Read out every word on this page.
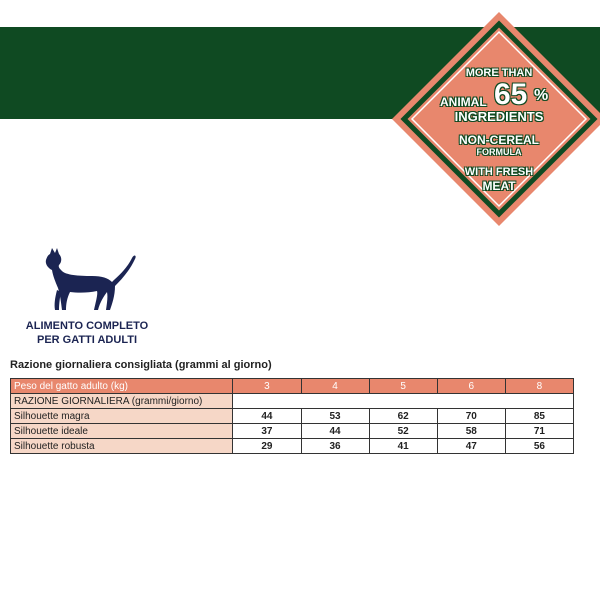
MORE THAN
ANIMAL 65 %
INGREDIENTS
NON-CEREAL
FORMULA
WITH FRESH
MEAT
ALIMENTO COMPLETO
PER GATTI ADULTI
Razione giornaliera consigliata (grammi al giorno)
Peso del gatto adulto (kg)	3	4	5	6	8
RAZIONE GIORNALIERA (grammi/giorno)					
Silhouette magra	44	53	62	70	85
Silhouette ideale	37	44	52	58	71
Silhouette robusta	29	36	41	47	56
